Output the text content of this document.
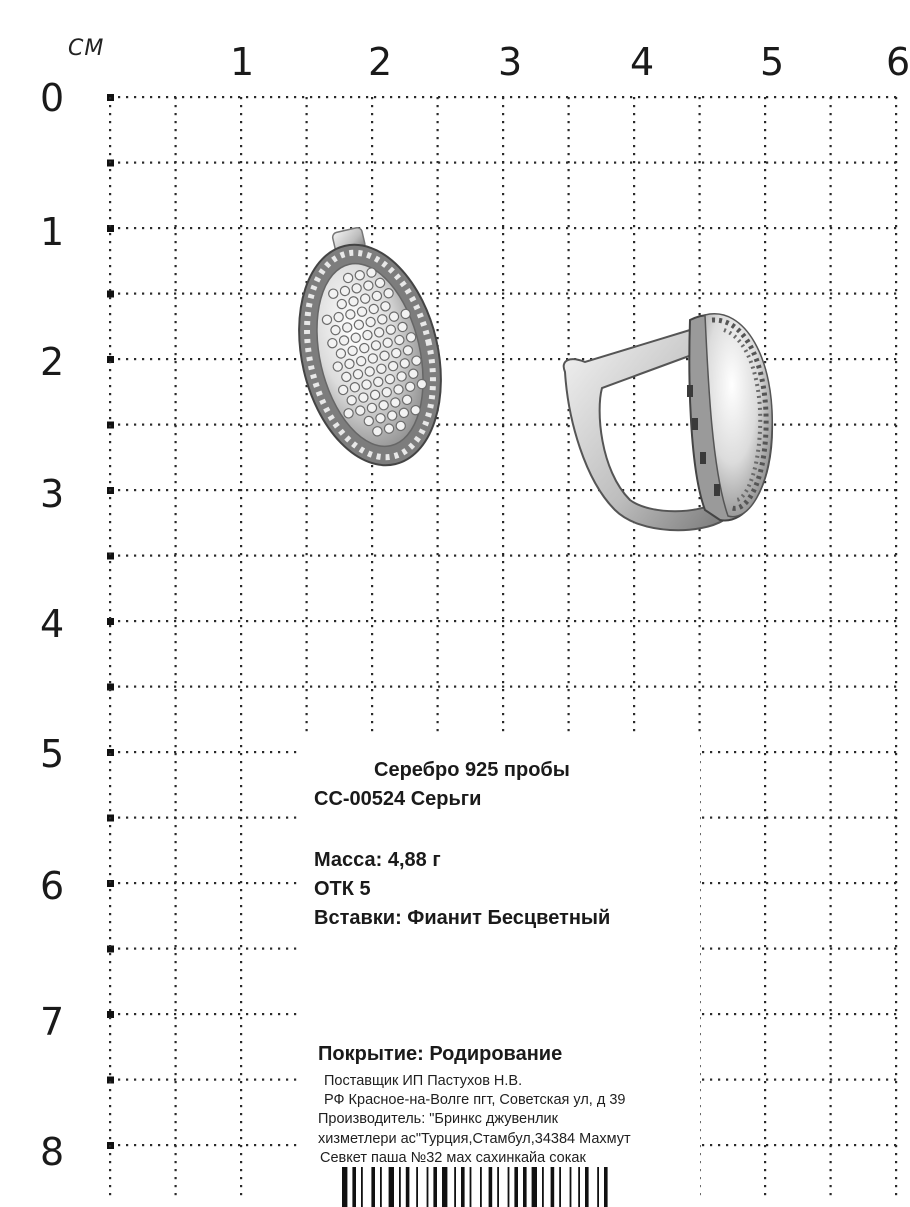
СМ	1	2	3	4	5	6
0
1
2
3
4
5
6
7
8
Серебро 925 пробы
СС-00524 Серьги
Масса: 4,88 г
ОТК 5
Вставки: Фианит Бесцветный
Покрытие: Родирование
Поставщик ИП Пастухов Н.В.
РФ Красное-на-Волге пгт, Советская ул, д 39
Производитель: "Бринкс джувенлик
хизметлери ас"Турция,Стамбул,34384 Махмут
Севкет паша №32 мах сахинкайа сокак
